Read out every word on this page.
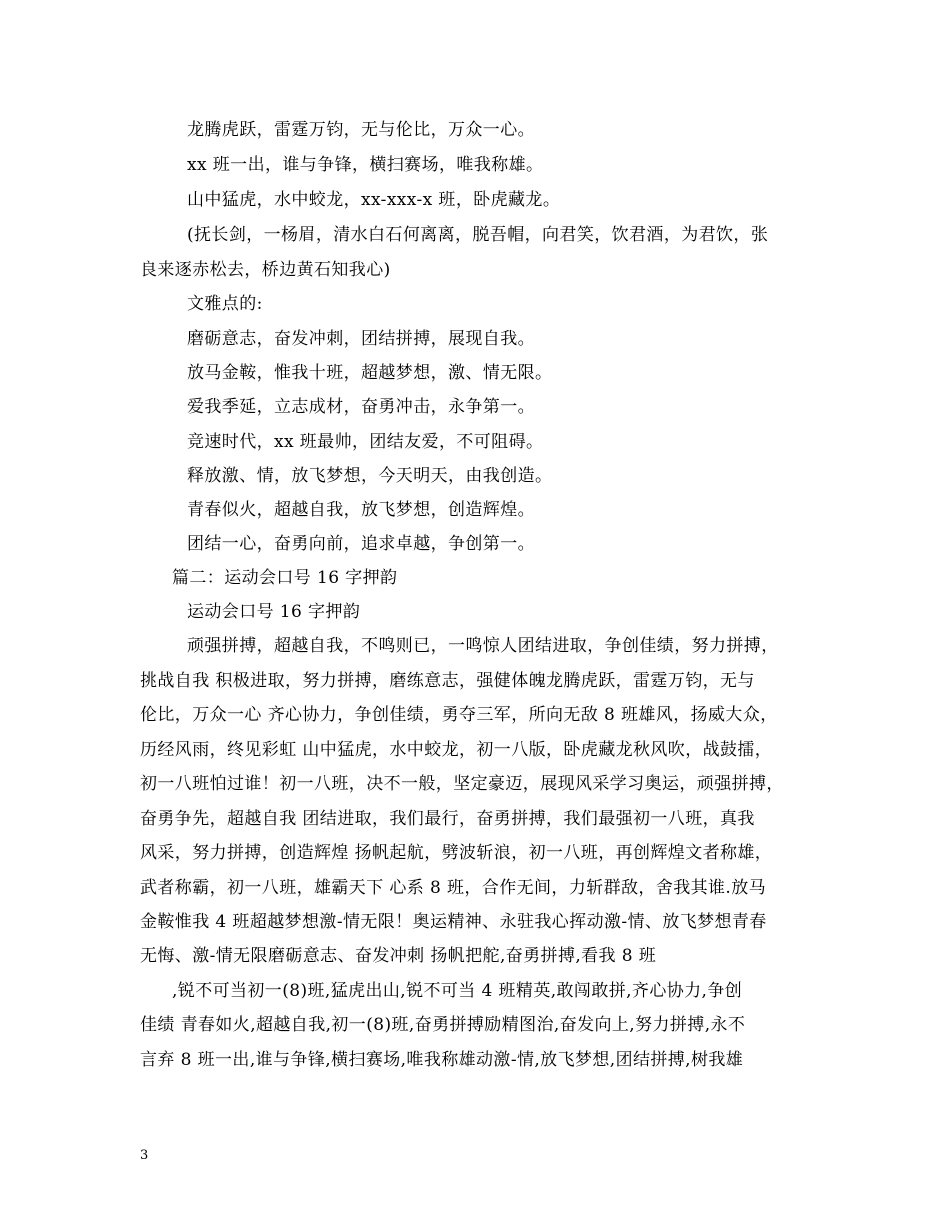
龙腾虎跃，雷霆万钧，无与伦比，万众一心。
xx 班一出，谁与争锋，横扫赛场，唯我称雄。
山中猛虎，水中蛟龙，xx-xxx-x 班，卧虎藏龙。
(抚长剑，一杨眉，清水白石何离离，脱吾帽，向君笑，饮君酒，为君饮，张
良来逐赤松去，桥边黄石知我心)
文雅点的:
磨砺意志，奋发冲刺，团结拼搏，展现自我。
放马金鞍，惟我十班，超越梦想，激、情无限。
爱我季延，立志成材，奋勇冲击，永争第一。
竞速时代，xx 班最帅，团结友爱，不可阻碍。
释放激、情，放飞梦想，今天明天，由我创造。
青春似火，超越自我，放飞梦想，创造辉煌。
团结一心，奋勇向前，追求卓越，争创第一。
篇二：运动会口号 16 字押韵
运动会口号 16 字押韵
顽强拼搏，超越自我，不鸣则已，一鸣惊人团结进取，争创佳绩，努力拼搏，
挑战自我 积极进取，努力拼搏，磨练意志，强健体魄龙腾虎跃，雷霆万钧，无与
伦比，万众一心 齐心协力，争创佳绩，勇夺三军，所向无敌 8 班雄风，扬威大众，
历经风雨，终见彩虹 山中猛虎，水中蛟龙，初一八版，卧虎藏龙秋风吹，战鼓擂，
初一八班怕过谁！初一八班，决不一般，坚定豪迈，展现风采学习奥运，顽强拼搏，
奋勇争先，超越自我 团结进取，我们最行，奋勇拼搏，我们最强初一八班，真我
风采，努力拼搏，创造辉煌 扬帆起航，劈波斩浪，初一八班，再创辉煌文者称雄，
武者称霸，初一八班，雄霸天下 心系 8 班，合作无间，力斩群敌，舍我其谁.放马
金鞍惟我 4 班超越梦想激-情无限！奥运精神、永驻我心挥动激-情、放飞梦想青春
无悔、激-情无限磨砺意志、奋发冲刺 扬帆把舵,奋勇拼搏,看我 8 班
,锐不可当初一(8)班,猛虎出山,锐不可当 4 班精英,敢闯敢拼,齐心协力,争创
佳绩 青春如火,超越自我,初一(8)班,奋勇拼搏励精图治,奋发向上,努力拼搏,永不
言弃 8 班一出,谁与争锋,横扫赛场,唯我称雄动激-情,放飞梦想,团结拼搏,树我雄
3
